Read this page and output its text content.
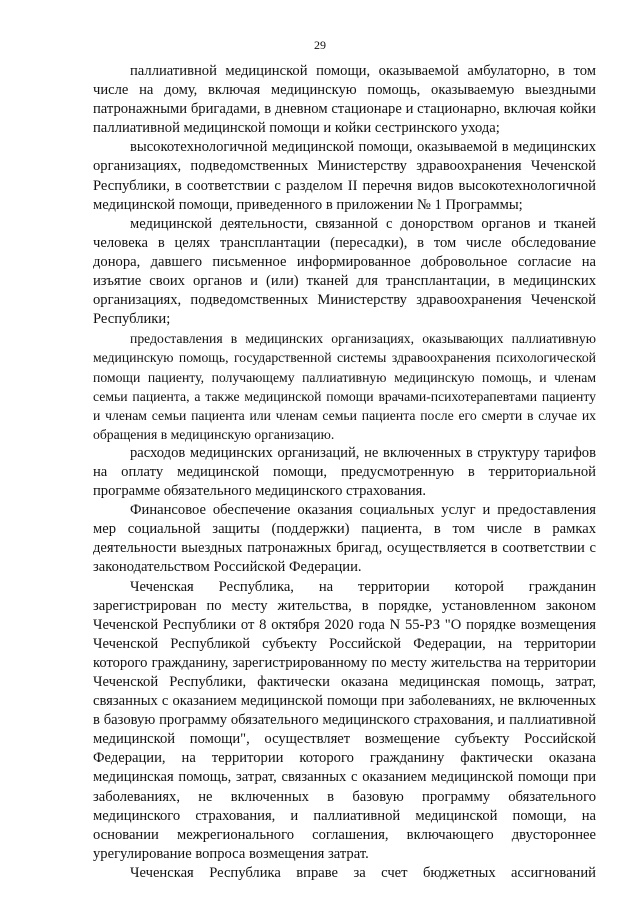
29

паллиативной медицинской помощи, оказываемой амбулаторно, в том числе на дому, включая медицинскую помощь, оказываемую выездными патронажными бригадами, в дневном стационаре и стационарно, включая койки паллиативной медицинской помощи и койки сестринского ухода;

высокотехнологичной медицинской помощи, оказываемой в медицинских организациях, подведомственных Министерству здравоохранения Чеченской Республики, в соответствии с разделом II перечня видов высокотехнологичной медицинской помощи, приведенного в приложении № 1 Программы;

медицинской деятельности, связанной с донорством органов и тканей человека в целях трансплантации (пересадки), в том числе обследование донора, давшего письменное информированное добровольное согласие на изъятие своих органов и (или) тканей для трансплантации, в медицинских организациях, подведомственных Министерству здравоохранения Чеченской Республики;

предоставления в медицинских организациях, оказывающих паллиативную медицинскую помощь, государственной системы здравоохранения психологической помощи пациенту, получающему паллиативную медицинскую помощь, и членам семьи пациента, а также медицинской помощи врачами-психотерапевтами пациенту и членам семьи пациента или членам семьи пациента после его смерти в случае их обращения в медицинскую организацию.

расходов медицинских организаций, не включенных в структуру тарифов на оплату медицинской помощи, предусмотренную в территориальной программе обязательного медицинского страхования.

Финансовое обеспечение оказания социальных услуг и предоставления мер социальной защиты (поддержки) пациента, в том числе в рамках деятельности выездных патронажных бригад, осуществляется в соответствии с законодательством Российской Федерации.

Чеченская Республика, на территории которой гражданин зарегистрирован по месту жительства, в порядке, установленном законом Чеченской Республики от 8 октября 2020 года N 55-РЗ "О порядке возмещения Чеченской Республикой субъекту Российской Федерации, на территории которого гражданину, зарегистрированному по месту жительства на территории Чеченской Республики, фактически оказана медицинская помощь, затрат, связанных с оказанием медицинской помощи при заболеваниях, не включенных в базовую программу обязательного медицинского страхования, и паллиативной медицинской помощи", осуществляет возмещение субъекту Российской Федерации, на территории которого гражданину фактически оказана медицинская помощь, затрат, связанных с оказанием медицинской помощи при заболеваниях, не включенных в базовую программу обязательного медицинского страхования, и паллиативной медицинской помощи, на основании межрегионального соглашения, включающего двустороннее урегулирование вопроса возмещения затрат.

Чеченская Республика вправе за счет бюджетных ассигнований
